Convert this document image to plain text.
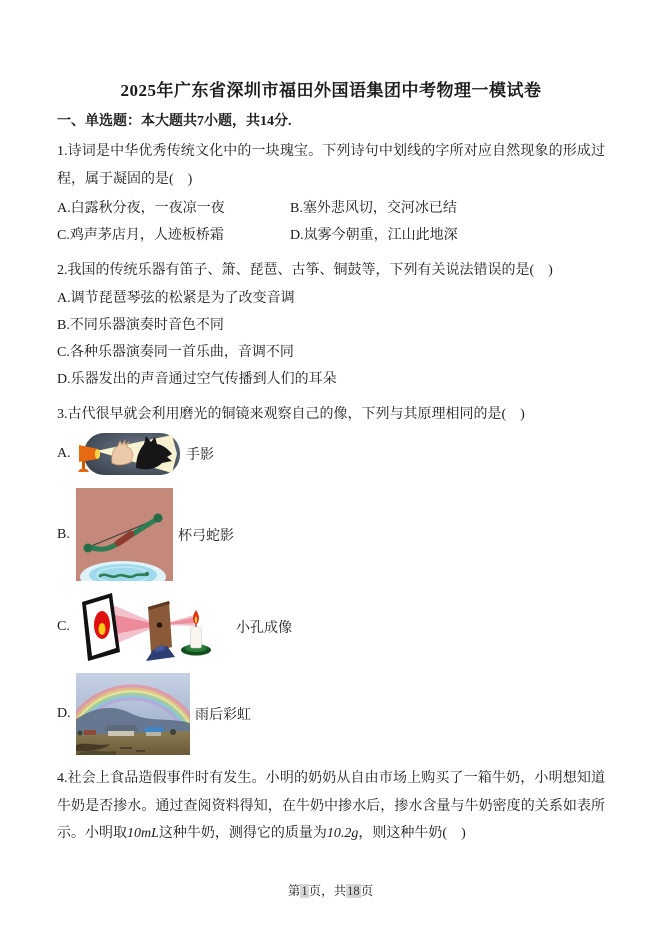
2025年广东省深圳市福田外国语集团中考物理一模试卷
一、单选题：本大题共7小题，共14分.

1.诗词是中华优秀传统文化中的一块瑰宝。下列诗句中划线的字所对应自然现象的形成过程，属于凝固的是(　)

A.白露秋分夜，一夜凉一夜	B.塞外悲风切，交河冰已结
C.鸡声茅店月，人迹板桥霜	D.岚雾今朝重，江山此地深

2.我国的传统乐器有笛子、箫、琵琶、古筝、铜鼓等，下列有关说法错误的是(　)

A.调节琵琶琴弦的松紧是为了改变音调
B.不同乐器演奏时音色不同
C.各种乐器演奏同一首乐曲，音调不同
D.乐器发出的声音通过空气传播到人们的耳朵

3.古代很早就会利用磨光的铜镜来观察自己的像，下列与其原理相同的是(　)

A.	手影
B.	杯弓蛇影
C.	小孔成像
D.	雨后彩虹

4.社会上食品造假事件时有发生。小明的奶奶从自由市场上购买了一箱牛奶，小明想知道牛奶是否掺水。通过查阅资料得知，在牛奶中掺水后，掺水含量与牛奶密度的关系如表所示。小明取10mL这种牛奶，测得它的质量为10.2g，则这种牛奶(　)

第1页，共18页
